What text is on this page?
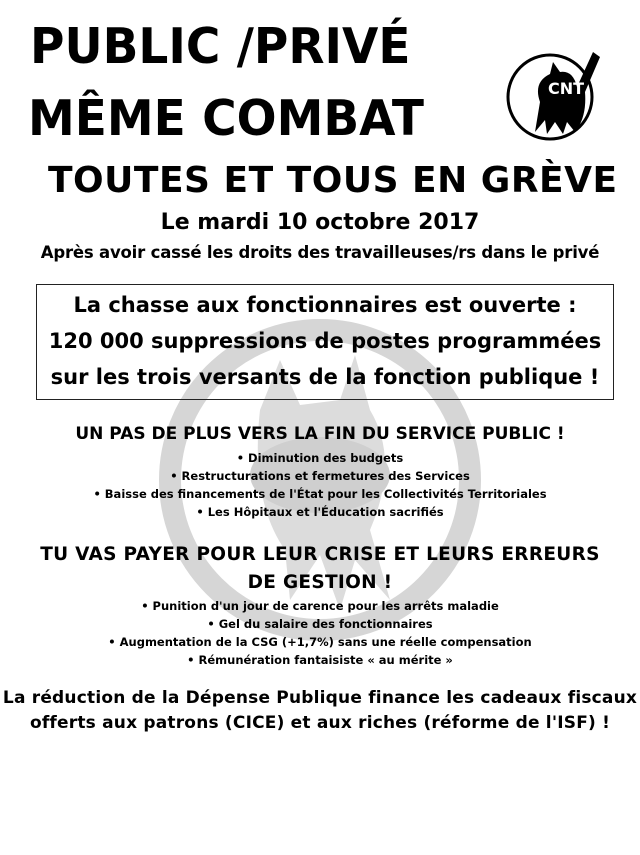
PUBLIC /PRIVÉ
MÊME COMBAT
TOUTES ET TOUS EN GRÈVE
CNT
Le mardi 10 octobre 2017
Après avoir cassé les droits des travailleuses/rs dans le privé
La chasse aux fonctionnaires est ouverte :
120 000 suppressions de postes programmées
sur les trois versants de la fonction publique !
UN PAS DE PLUS VERS LA FIN DU SERVICE PUBLIC !
• Diminution des budgets
• Restructurations et fermetures des Services
• Baisse des financements de l'État pour les Collectivités Territoriales
• Les Hôpitaux et l'Éducation sacrifiés
TU VAS PAYER POUR LEUR CRISE ET LEURS ERREURS
DE GESTION !
• Punition d'un jour de carence pour les arrêts maladie
• Gel du salaire des fonctionnaires
• Augmentation de la CSG (+1,7%) sans une réelle compensation
• Rémunération fantaisiste « au mérite »
La réduction de la Dépense Publique finance les cadeaux fiscaux
offerts aux patrons (CICE) et aux riches (réforme de l'ISF) !
